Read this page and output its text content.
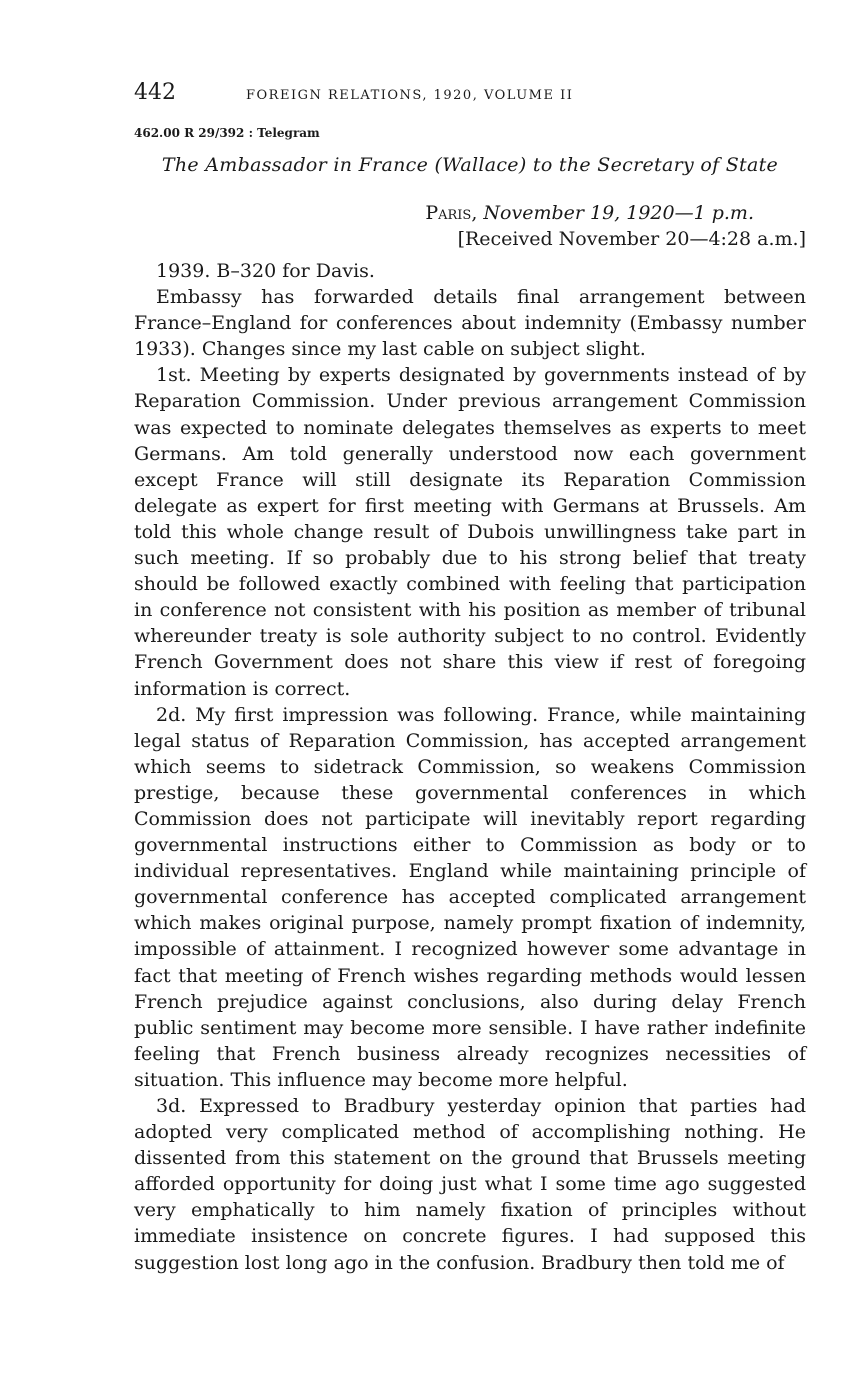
442	FOREIGN RELATIONS, 1920, VOLUME II
462.00 R 29/392 : Telegram
The Ambassador in France (Wallace) to the Secretary of State
Paris, November 19, 1920—1 p.m.
[Received November 20—4:28 a.m.]

1939. B–320 for Davis.

Embassy has forwarded details final arrangement between France–England for conferences about indemnity (Embassy number 1933). Changes since my last cable on subject slight.

1st. Meeting by experts designated by governments instead of by Reparation Commission. Under previous arrangement Commission was expected to nominate delegates themselves as experts to meet Germans. Am told generally understood now each government except France will still designate its Reparation Commission delegate as expert for first meeting with Germans at Brussels. Am told this whole change result of Dubois unwillingness take part in such meeting. If so probably due to his strong belief that treaty should be followed exactly combined with feeling that participation in conference not consistent with his position as member of tribunal whereunder treaty is sole authority subject to no control. Evidently French Government does not share this view if rest of foregoing information is correct.

2d. My first impression was following. France, while maintaining legal status of Reparation Commission, has accepted arrangement which seems to sidetrack Commission, so weakens Commission prestige, because these governmental conferences in which Commission does not participate will inevitably report regarding governmental instructions either to Commission as body or to individual representatives. England while maintaining principle of governmental conference has accepted complicated arrangement which makes original purpose, namely prompt fixation of indemnity, impossible of attainment. I recognized however some advantage in fact that meeting of French wishes regarding methods would lessen French prejudice against conclusions, also during delay French public sentiment may become more sensible. I have rather indefinite feeling that French business already recognizes necessities of situation. This influence may become more helpful.

3d. Expressed to Bradbury yesterday opinion that parties had adopted very complicated method of accomplishing nothing. He dissented from this statement on the ground that Brussels meeting afforded opportunity for doing just what I some time ago suggested very emphatically to him namely fixation of principles without immediate insistence on concrete figures. I had supposed this suggestion lost long ago in the confusion. Bradbury then told me of
